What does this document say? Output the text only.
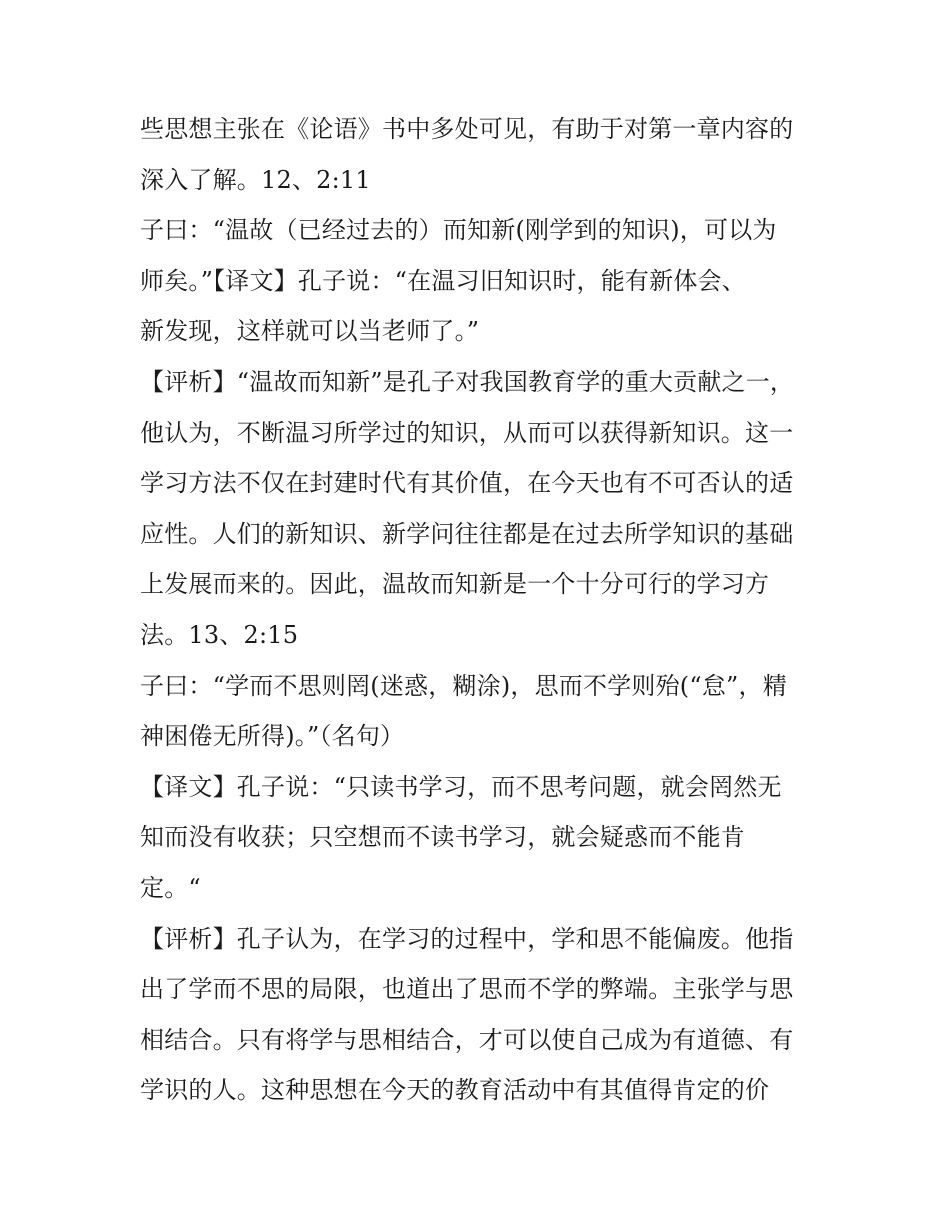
些思想主张在《论语》书中多处可见，有助于对第一章内容的
深入了解。12、2:11
子曰：“温故（已经过去的）而知新(刚学到的知识)，可以为
师矣。”【译文】孔子说：“在温习旧知识时，能有新体会、
新发现，这样就可以当老师了。”
【评析】“温故而知新”是孔子对我国教育学的重大贡献之一，
他认为，不断温习所学过的知识，从而可以获得新知识。这一
学习方法不仅在封建时代有其价值，在今天也有不可否认的适
应性。人们的新知识、新学问往往都是在过去所学知识的基础
上发展而来的。因此，温故而知新是一个十分可行的学习方
法。13、2:15
子曰：“学而不思则罔(迷惑，糊涂)，思而不学则殆(“怠”，精
神困倦无所得)。”（名句）
【译文】孔子说：“只读书学习，而不思考问题，就会罔然无
知而没有收获；只空想而不读书学习，就会疑惑而不能肯
定。“
【评析】孔子认为，在学习的过程中，学和思不能偏废。他指
出了学而不思的局限，也道出了思而不学的弊端。主张学与思
相结合。只有将学与思相结合，才可以使自己成为有道德、有
学识的人。这种思想在今天的教育活动中有其值得肯定的价
